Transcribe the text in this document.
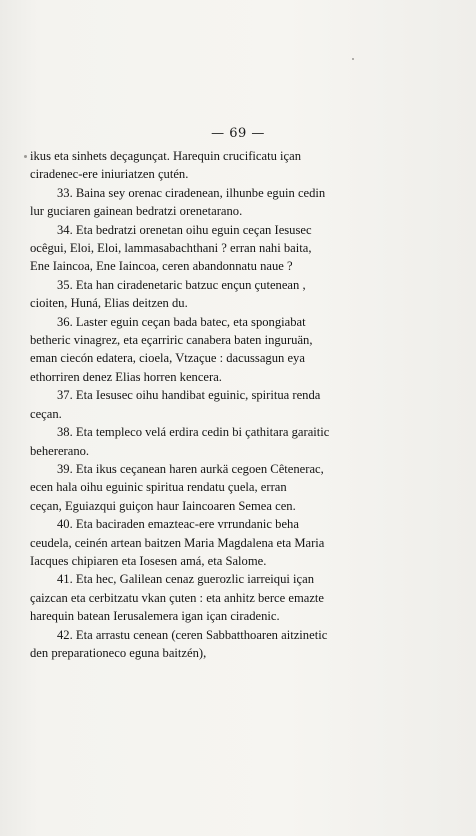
— 69 —

ikus eta sinhets deçagunçat. Harequin crucificatu içan
ciradenec-ere iniuriatzen çutén.

33. Baina sey orenac ciradenean, ilhunbe eguin cedin
lur guciaren gainean bedratzi orenetarano.

34. Eta bedratzi orenetan oihu eguin ceçan Iesusec
ocêgui, Eloi, Eloi, lammasabachthani ? erran nahi baita,
Ene Iaincoa, Ene Iaincoa, ceren abandonnatu naue ?

35. Eta han ciradenetaric batzuc ençun çutenean ,
cioiten, Huná, Elias deitzen du.

36. Laster eguin ceçan bada batec, eta spongiabat
betheric vinagrez, eta eçarriric canabera baten inguruän,
eman ciecón edatera, cioela, Vtzaçue : dacussagun eya
ethorriren denez Elias horren kencera.

37. Eta Iesusec oihu handibat eguinic, spiritua renda
ceçan.

38. Eta templeco velá erdira cedin bi çathitara garaitic
behererano.

39. Eta ikus ceçanean haren aurkä cegoen Cêtenerac,
ecen hala oihu eguinic spiritua rendatu çuela, erran
ceçan, Eguiazqui guiçon haur Iaincoaren Semea cen.

40. Eta baciraden emazteac-ere vrrundanic beha
ceudela, ceinén artean baitzen Maria Magdalena eta Maria
Iacques chipiaren eta Iosesen amá, eta Salome.

41. Eta hec, Galilean cenaz guerozlic iarreiqui içan
çaizcan eta cerbitzatu vkan çuten : eta anhitz berce emazte
harequin batean Ierusalemera igan içan ciradenic.

42. Eta arrastu cenean (ceren Sabbatthoaren aitzinetic
den preparationeco eguna baitzén),
